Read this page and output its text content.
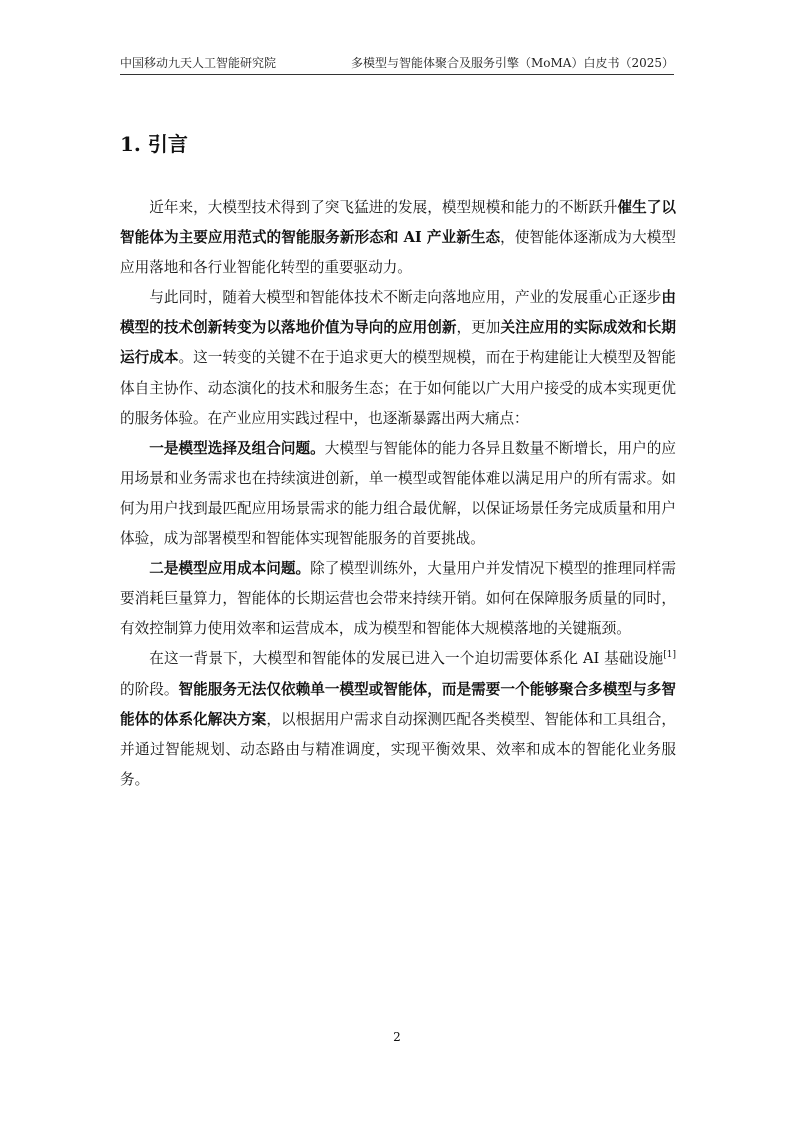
中国移动九天人工智能研究院	多模型与智能体聚合及服务引擎（MoMA）白皮书（2025）
1. 引言

近年来，大模型技术得到了突飞猛进的发展，模型规模和能力的不断跃升催生了以智能体为主要应用范式的智能服务新形态和 AI 产业新生态，使智能体逐渐成为大模型应用落地和各行业智能化转型的重要驱动力。

与此同时，随着大模型和智能体技术不断走向落地应用，产业的发展重心正逐步由模型的技术创新转变为以落地价值为导向的应用创新，更加关注应用的实际成效和长期运行成本。这一转变的关键不在于追求更大的模型规模，而在于构建能让大模型及智能体自主协作、动态演化的技术和服务生态；在于如何能以广大用户接受的成本实现更优的服务体验。在产业应用实践过程中，也逐渐暴露出两大痛点：

一是模型选择及组合问题。大模型与智能体的能力各异且数量不断增长，用户的应用场景和业务需求也在持续演进创新，单一模型或智能体难以满足用户的所有需求。如何为用户找到最匹配应用场景需求的能力组合最优解，以保证场景任务完成质量和用户体验，成为部署模型和智能体实现智能服务的首要挑战。

二是模型应用成本问题。除了模型训练外，大量用户并发情况下模型的推理同样需要消耗巨量算力，智能体的长期运营也会带来持续开销。如何在保障服务质量的同时，有效控制算力使用效率和运营成本，成为模型和智能体大规模落地的关键瓶颈。

在这一背景下，大模型和智能体的发展已进入一个迫切需要体系化 AI 基础设施[1]的阶段。智能服务无法仅依赖单一模型或智能体，而是需要一个能够聚合多模型与多智能体的体系化解决方案，以根据用户需求自动探测匹配各类模型、智能体和工具组合，并通过智能规划、动态路由与精准调度，实现平衡效果、效率和成本的智能化业务服务。

2
